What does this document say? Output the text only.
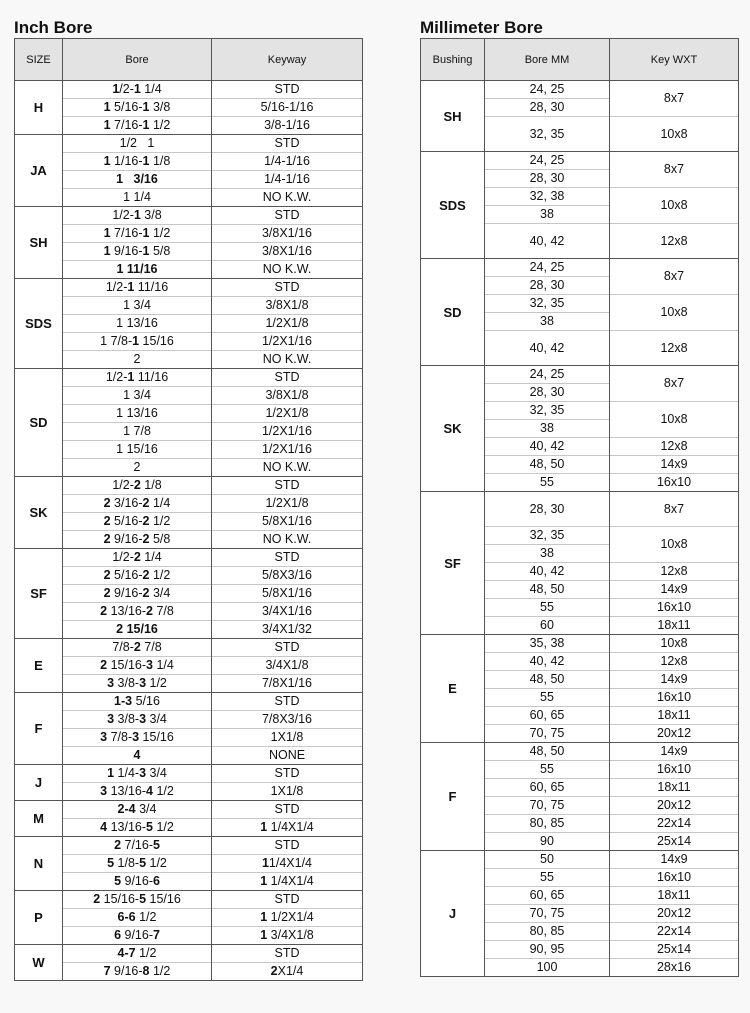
Inch Bore
SIZE	Bore	Keyway
H	1/2-1 1/4	STD
	1 5/16-1 3/8	5/16-1/16
	1 7/16-1 1/2	3/8-1/16
JA	1/2   1	STD
	1 1/16-1 1/8	1/4-1/16
	1   3/16	1/4-1/16
	1 1/4	NO K.W.
SH	1/2-1 3/8	STD
	1 7/16-1 1/2	3/8X1/16
	1 9/16-1 5/8	3/8X1/16
	1 11/16	NO K.W.
SDS	1/2-1 11/16	STD
	1 3/4	3/8X1/8
	1 13/16	1/2X1/8
	1 7/8-1 15/16	1/2X1/16
	2	NO K.W.
SD	1/2-1 11/16	STD
	1 3/4	3/8X1/8
	1 13/16	1/2X1/8
	1 7/8	1/2X1/16
	1 15/16	1/2X1/16
	2	NO K.W.
SK	1/2-2 1/8	STD
	2 3/16-2 1/4	1/2X1/8
	2 5/16-2 1/2	5/8X1/16
	2 9/16-2 5/8	NO K.W.
SF	1/2-2 1/4	STD
	2 5/16-2 1/2	5/8X3/16
	2 9/16-2 3/4	5/8X1/16
	2 13/16-2 7/8	3/4X1/16
	2 15/16	3/4X1/32
E	7/8-2 7/8	STD
	2 15/16-3 1/4	3/4X1/8
	3 3/8-3 1/2	7/8X1/16
F	1-3 5/16	STD
	3 3/8-3 3/4	7/8X3/16
	3 7/8-3 15/16	1X1/8
	4	NONE
J	1 1/4-3 3/4	STD
	3 13/16-4 1/2	1X1/8
M	2-4 3/4	STD
	4 13/16-5 1/2	1 1/4X1/4
N	2 7/16-5	STD
	5 1/8-5 1/2	11/4X1/4
	5 9/16-6	1 1/4X1/4
P	2 15/16-5 15/16	STD
	6-6 1/2	1 1/2X1/4
	6 9/16-7	1 3/4X1/8
W	4-7 1/2	STD
	7 9/16-8 1/2	2X1/4
Millimeter Bore
Bushing	Bore MM	Key WXT
SH	24, 25	8x7
	28, 30	
	32, 35	10x8
SDS	24, 25	8x7
	28, 30	
	32, 38	10x8
	38	
	40, 42	12x8
SD	24, 25	8x7
	28, 30	
	32, 35	10x8
	38	
	40, 42	12x8
SK	24, 25	8x7
	28, 30	
	32, 35	10x8
	38	
	40, 42	12x8
	48, 50	14x9
	55	16x10
SF	28, 30	8x7
	32, 35	10x8
	38	
	40, 42	12x8
	48, 50	14x9
	55	16x10
	60	18x11
E	35, 38	10x8
	40, 42	12x8
	48, 50	14x9
	55	16x10
	60, 65	18x11
	70, 75	20x12
F	48, 50	14x9
	55	16x10
	60, 65	18x11
	70, 75	20x12
	80, 85	22x14
	90	25x14
J	50	14x9
	55	16x10
	60, 65	18x11
	70, 75	20x12
	80, 85	22x14
	90, 95	25x14
	100	28x16
